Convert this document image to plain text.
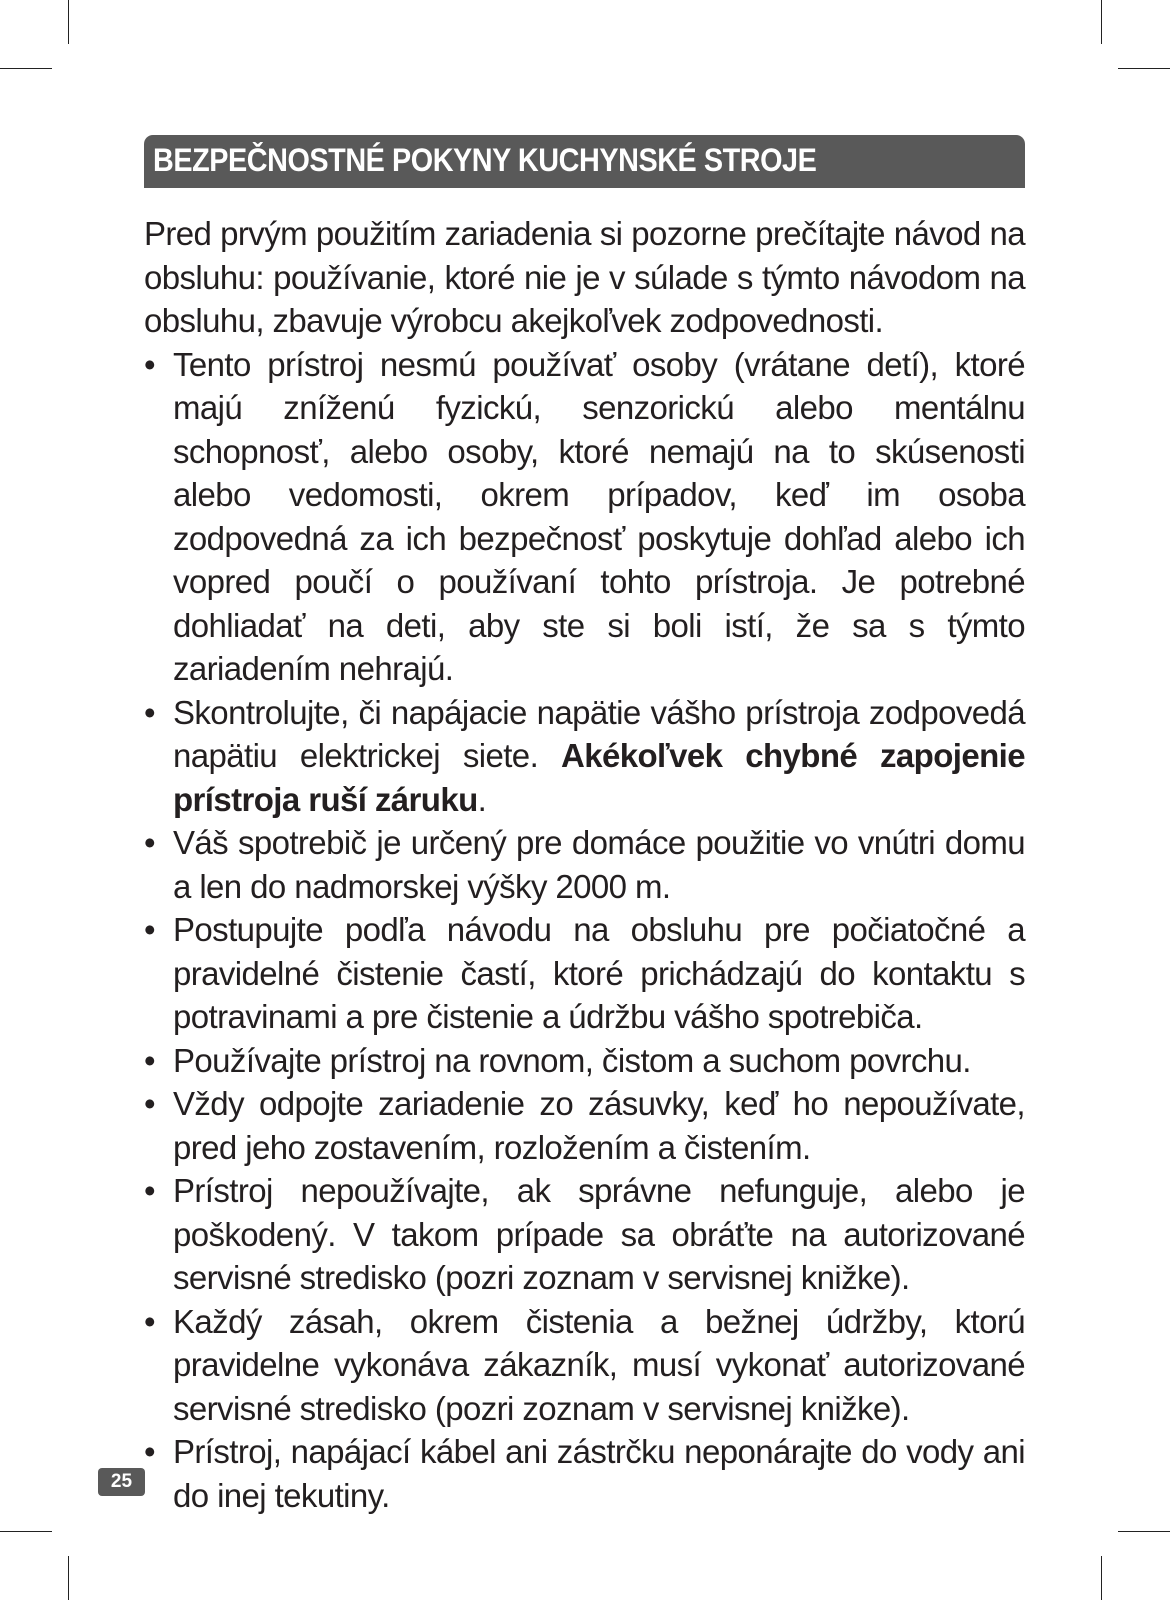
BEZPEČNOSTNÉ POKYNY KUCHYNSKÉ STROJE

Pred prvým použitím zariadenia si pozorne prečítajte návod na obsluhu: používanie, ktoré nie je v súlade s týmto návodom na obsluhu, zbavuje výrobcu akejkoľvek zodpovednosti.

• Tento prístroj nesmú používať osoby (vrátane detí), ktoré majú zníženú fyzickú, senzorickú alebo mentálnu schopnosť, alebo osoby, ktoré nemajú na to skúsenosti alebo vedomosti, okrem prípadov, keď im osoba zodpovedná za ich bezpečnosť poskytuje dohľad alebo ich vopred poučí o používaní tohto prístroja. Je potrebné dohliadať na deti, aby ste si boli istí, že sa s týmto zariadením nehrajú.
• Skontrolujte, či napájacie napätie vášho prístroja zodpovedá napätiu elektrickej siete. Akékoľvek chybné zapojenie prístroja ruší záruku.
• Váš spotrebič je určený pre domáce použitie vo vnútri domu a len do nadmorskej výšky 2000 m.
• Postupujte podľa návodu na obsluhu pre počiatočné a pravidelné čistenie častí, ktoré prichádzajú do kontaktu s potravinami a pre čistenie a údržbu vášho spotrebiča.
• Používajte prístroj na rovnom, čistom a suchom povrchu.
• Vždy odpojte zariadenie zo zásuvky, keď ho nepoužívate, pred jeho zostavením, rozložením a čistením.
• Prístroj nepoužívajte, ak správne nefunguje, alebo je poškodený. V takom prípade sa obráťte na autorizované servisné stredisko (pozri zoznam v servisnej knižke).
• Každý zásah, okrem čistenia a bežnej údržby, ktorú pravidelne vykonáva zákazník, musí vykonať autorizované servisné stredisko (pozri zoznam v servisnej knižke).
• Prístroj, napájací kábel ani zástrčku neponárajte do vody ani do inej tekutiny.
25
